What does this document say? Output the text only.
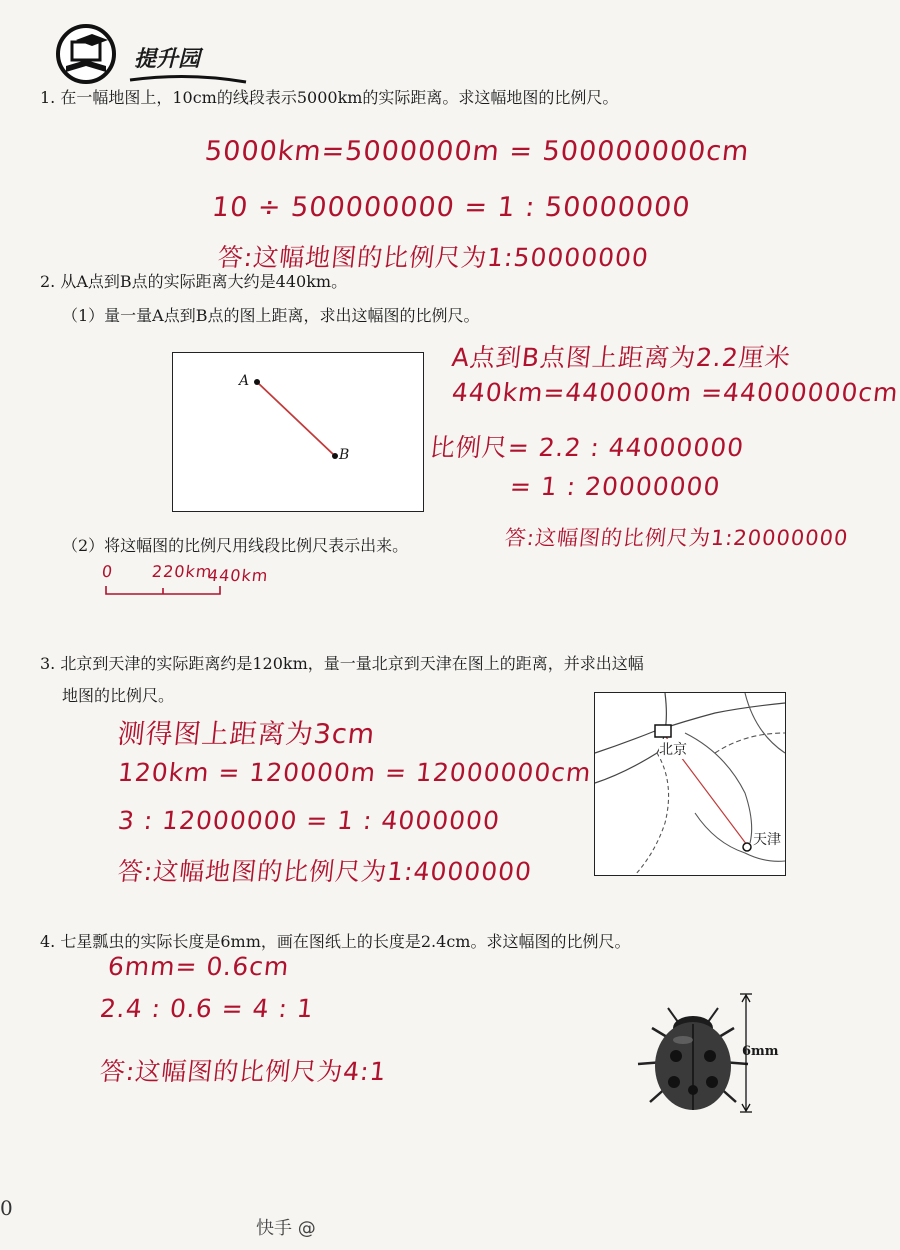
提升园
1. 在一幅地图上，10cm的线段表示5000km的实际距离。求这幅地图的比例尺。
5000km=5000000m = 500000000cm
10 ÷ 500000000 = 1 : 50000000
答:这幅地图的比例尺为1:50000000
2. 从A点到B点的实际距离大约是440km。
（1）量一量A点到B点的图上距离，求出这幅图的比例尺。
A
B
A点到B点图上距离为2.2厘米
440km=440000m =44000000cm
比例尺= 2.2 : 44000000
= 1 : 20000000
答:这幅图的比例尺为1:20000000
（2）将这幅图的比例尺用线段比例尺表示出来。
0 220km
440km
3. 北京到天津的实际距离约是120km，量一量北京到天津在图上的距离，并求出这幅
地图的比例尺。
北京
天津
测得图上距离为3cm
120km = 120000m = 12000000cm
3 : 12000000 = 1 : 4000000
答:这幅地图的比例尺为1:4000000
4. 七星瓢虫的实际长度是6mm，画在图纸上的长度是2.4cm。求这幅图的比例尺。
6mm= 0.6cm
2.4 : 0.6 = 4 : 1
答:这幅图的比例尺为4:1
6mm
0
快手 @
